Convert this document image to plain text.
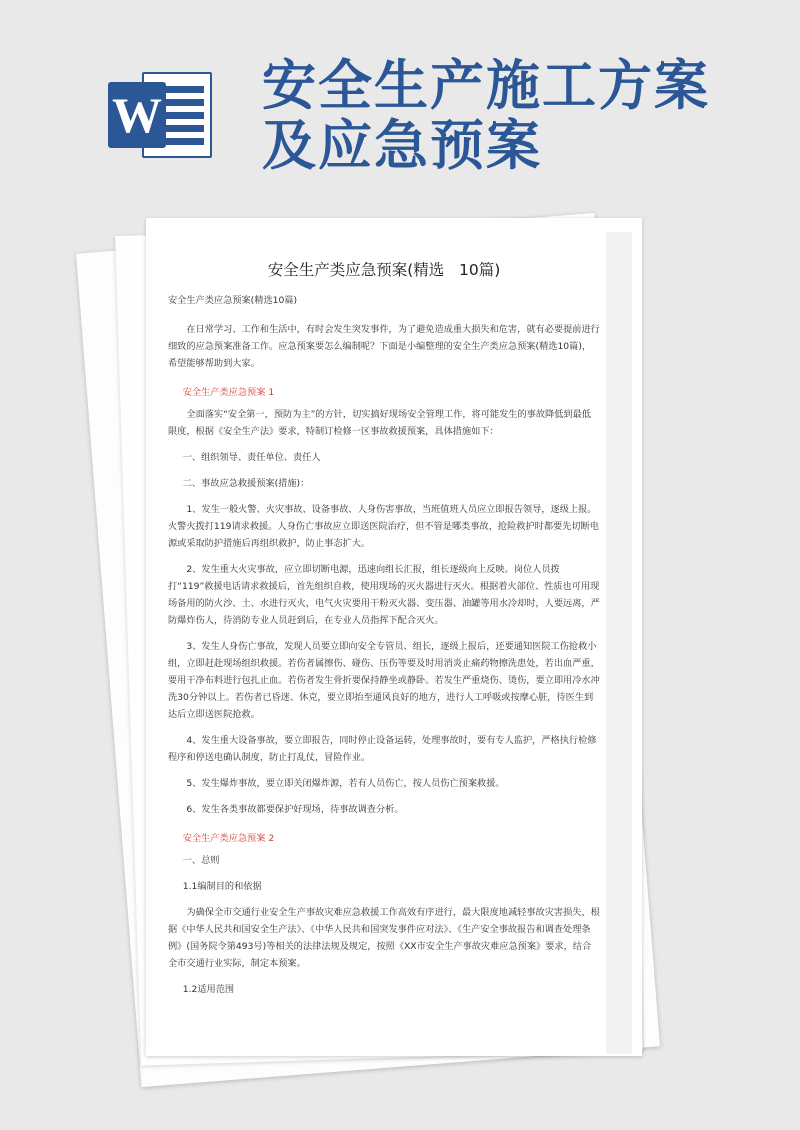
W 安全生产施工方案
及应急预案
安全生产类应急预案(精选   10篇)

安全生产类应急预案(精选10篇)

在日常学习、工作和生活中，有时会发生突发事件，为了避免造成重大损失和危害，就有必要提前进行细致的应急预案准备工作。应急预案要怎么编制呢？下面是小编整理的安全生产类应急预案(精选10篇)，希望能够帮助到大家。

安全生产类应急预案 1

全面落实“安全第一，预防为主”的方针，切实搞好现场安全管理工作，将可能发生的事故降低到最低限度，根据《安全生产法》要求，特制订检修一区事故救援预案，具体措施如下：

一、组织领导、责任单位、责任人

二、事故应急救援预案(措施)：

1、发生一般火警、火灾事故、设备事故、人身伤害事故，当班值班人员应立即报告领导，逐级上报。火警火拨打119请求救援。人身伤亡事故应立即送医院治疗，但不管是哪类事故，抢险救护时都要先切断电源或采取防护措施后再组织救护，防止事态扩大。

2、发生重大火灾事故，应立即切断电源，迅速向组长汇报，组长逐级向上反映。岗位人员拨打“119”救援电话请求救援后，首先组织自救，使用现场的灭火器进行灭火。根据着火部位、性质也可用现场备用的防火沙、土、水进行灭火，电气火灾要用干粉灭火器、变压器、油罐等用水冷却时，人要远离，严防爆炸伤人，待消防专业人员赶到后，在专业人员指挥下配合灭火。

3、发生人身伤亡事故，发现人员要立即向安全专管员、组长，逐级上报后，还要通知医院工伤抢救小组，立即赶赴现场组织救援。若伤者属擦伤、碰伤、压伤等要及时用消炎止痛药物擦洗患处，若出血严重，要用干净布料进行包扎止血。若伤者发生骨折要保持静坐或静卧。若发生严重烧伤、烫伤，要立即用冷水冲洗30分钟以上。若伤者已昏迷、休克，要立即抬至通风良好的地方，进行人工呼吸或按摩心脏，待医生到达后立即送医院抢救。

4、发生重大设备事故，要立即报告，同时停止设备运转，处理事故时，要有专人监护，严格执行检修程序和停送电确认制度，防止打乱仗，冒险作业。

5、发生爆炸事故，要立即关闭爆炸源，若有人员伤亡，按人员伤亡预案救援。

6、发生各类事故都要保护好现场，待事故调查分析。

安全生产类应急预案 2

一、总则

1.1编制目的和依据

为确保全市交通行业安全生产事故灾难应急救援工作高效有序进行，最大限度地减轻事故灾害损失，根据《中华人民共和国安全生产法》、《中华人民共和国突发事件应对法》、《生产安全事故报告和调查处理条例》(国务院令第493号)等相关的法律法规及规定，按照《XX市安全生产事故灾难应急预案》要求，结合全市交通行业实际，制定本预案。

1.2适用范围
